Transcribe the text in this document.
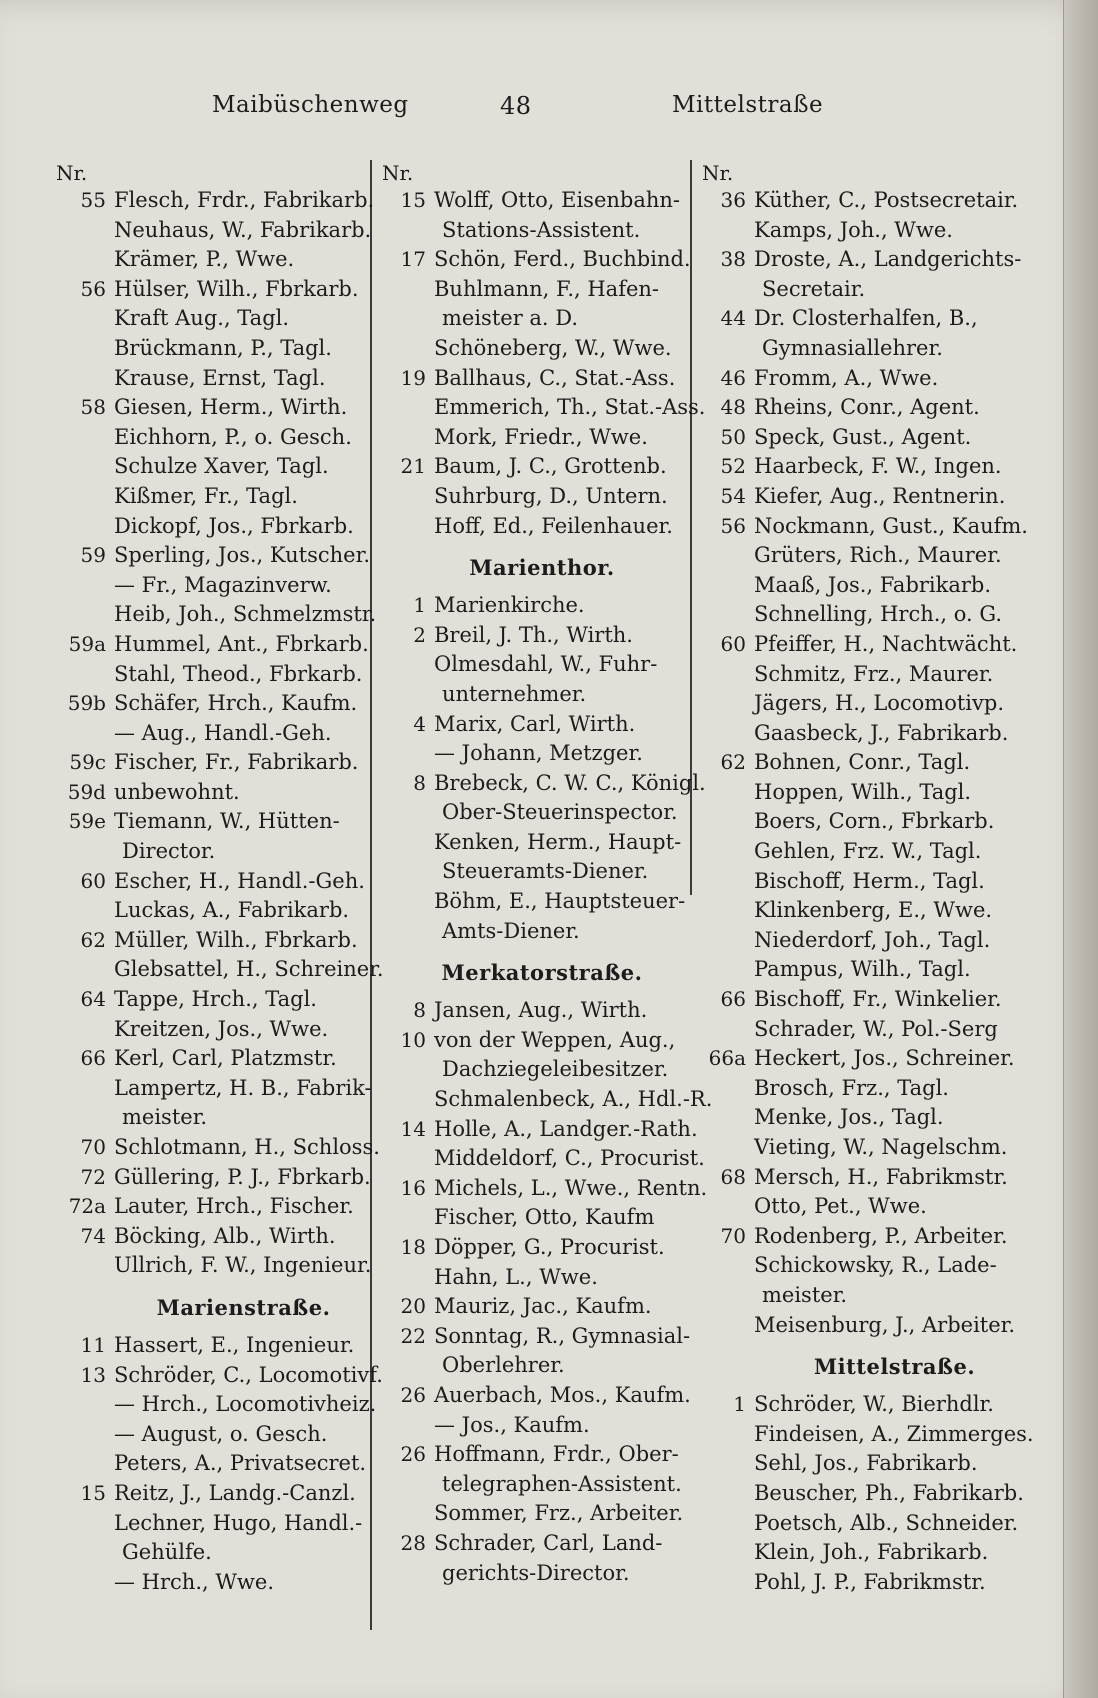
Maibüschenweg	48	Mittelstraße
Nr.
55 Flesch, Frdr., Fabrikarb.
Neuhaus, W., Fabrikarb.
Krämer, P., Wwe.
56 Hülser, Wilh., Fbrkarb.
Kraft Aug., Tagl.
Brückmann, P., Tagl.
Krause, Ernst, Tagl.
58 Giesen, Herm., Wirth.
Eichhorn, P., o. Gesch.
Schulze Xaver, Tagl.
Kißmer, Fr., Tagl.
Dickopf, Jos., Fbrkarb.
59 Sperling, Jos., Kutscher.
— Fr., Magazinverw.
Heib, Joh., Schmelzmstr.
59a Hummel, Ant., Fbrkarb.
Stahl, Theod., Fbrkarb.
59b Schäfer, Hrch., Kaufm.
— Aug., Handl.-Geh.
59c Fischer, Fr., Fabrikarb.
59d unbewohnt.
59e Tiemann, W., Hütten-
Director.
60 Escher, H., Handl.-Geh.
Luckas, A., Fabrikarb.
62 Müller, Wilh., Fbrkarb.
Glebsattel, H., Schreiner.
64 Tappe, Hrch., Tagl.
Kreitzen, Jos., Wwe.
66 Kerl, Carl, Platzmstr.
Lampertz, H. B., Fabrik-
meister.
70 Schlotmann, H., Schloss.
72 Güllering, P. J., Fbrkarb.
72a Lauter, Hrch., Fischer.
74 Böcking, Alb., Wirth.
Ullrich, F. W., Ingenieur.
Marienstraße.
11 Hassert, E., Ingenieur.
13 Schröder, C., Locomotivf.
— Hrch., Locomotivheiz.
— August, o. Gesch.
Peters, A., Privatsecret.
15 Reitz, J., Landg.-Canzl.
Lechner, Hugo, Handl.-
Gehülfe.
— Hrch., Wwe.
Nr.
15 Wolff, Otto, Eisenbahn-
Stations-Assistent.
17 Schön, Ferd., Buchbind.
Buhlmann, F., Hafen-
meister a. D.
Schöneberg, W., Wwe.
19 Ballhaus, C., Stat.-Ass.
Emmerich, Th., Stat.-Ass.
Mork, Friedr., Wwe.
21 Baum, J. C., Grottenb.
Suhrburg, D., Untern.
Hoff, Ed., Feilenhauer.
Marienthor.
1 Marienkirche.
2 Breil, J. Th., Wirth.
Olmesdahl, W., Fuhr-
unternehmer.
4 Marix, Carl, Wirth.
— Johann, Metzger.
8 Brebeck, C. W. C., Königl.
Ober-Steuerinspector.
Kenken, Herm., Haupt-
Steueramts-Diener.
Böhm, E., Hauptsteuer-
Amts-Diener.
Merkatorstraße.
8 Jansen, Aug., Wirth.
10 von der Weppen, Aug.,
Dachziegeleibesitzer.
Schmalenbeck, A., Hdl.-R.
14 Holle, A., Landger.-Rath.
Middeldorf, C., Procurist.
16 Michels, L., Wwe., Rentn.
Fischer, Otto, Kaufm
18 Döpper, G., Procurist.
Hahn, L., Wwe.
20 Mauriz, Jac., Kaufm.
22 Sonntag, R., Gymnasial-
Oberlehrer.
26 Auerbach, Mos., Kaufm.
— Jos., Kaufm.
26 Hoffmann, Frdr., Ober-
telegraphen-Assistent.
Sommer, Frz., Arbeiter.
28 Schrader, Carl, Land-
gerichts-Director.
Nr.
36 Küther, C., Postsecretair.
Kamps, Joh., Wwe.
38 Droste, A., Landgerichts-
Secretair.
44 Dr. Closterhalfen, B.,
Gymnasiallehrer.
46 Fromm, A., Wwe.
48 Rheins, Conr., Agent.
50 Speck, Gust., Agent.
52 Haarbeck, F. W., Ingen.
54 Kiefer, Aug., Rentnerin.
56 Nockmann, Gust., Kaufm.
Grüters, Rich., Maurer.
Maaß, Jos., Fabrikarb.
Schnelling, Hrch., o. G.
60 Pfeiffer, H., Nachtwächt.
Schmitz, Frz., Maurer.
Jägers, H., Locomotivp.
Gaasbeck, J., Fabrikarb.
62 Bohnen, Conr., Tagl.
Hoppen, Wilh., Tagl.
Boers, Corn., Fbrkarb.
Gehlen, Frz. W., Tagl.
Bischoff, Herm., Tagl.
Klinkenberg, E., Wwe.
Niederdorf, Joh., Tagl.
Pampus, Wilh., Tagl.
66 Bischoff, Fr., Winkelier.
Schrader, W., Pol.-Serg
66a Heckert, Jos., Schreiner.
Brosch, Frz., Tagl.
Menke, Jos., Tagl.
Vieting, W., Nagelschm.
68 Mersch, H., Fabrikmstr.
Otto, Pet., Wwe.
70 Rodenberg, P., Arbeiter.
Schickowsky, R., Lade-
meister.
Meisenburg, J., Arbeiter.
Mittelstraße.
1 Schröder, W., Bierhdlr.
Findeisen, A., Zimmerges.
Sehl, Jos., Fabrikarb.
Beuscher, Ph., Fabrikarb.
Poetsch, Alb., Schneider.
Klein, Joh., Fabrikarb.
Pohl, J. P., Fabrikmstr.
